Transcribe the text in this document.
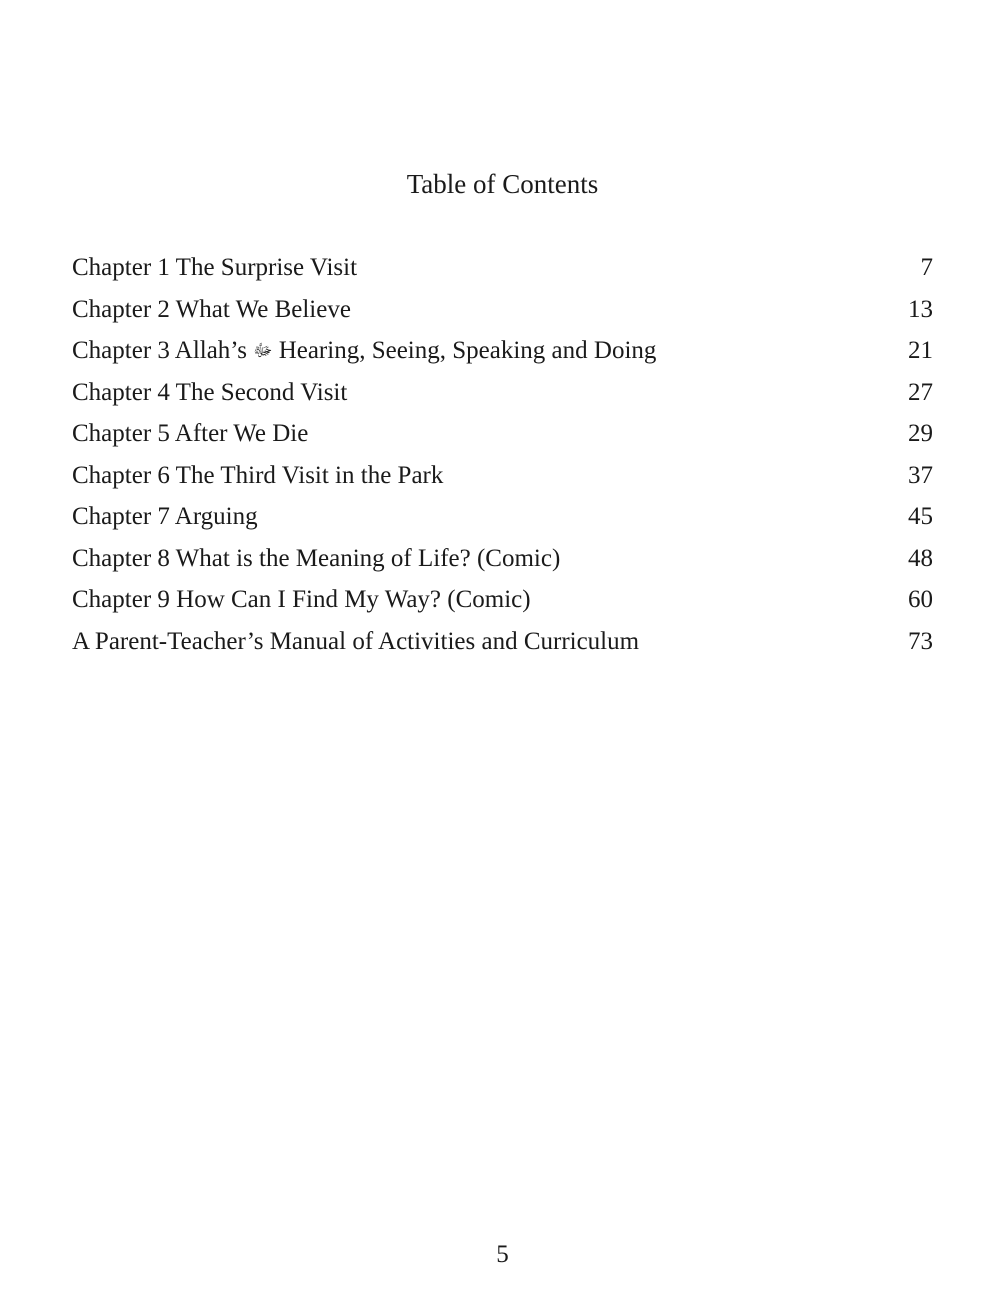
Table of Contents
Chapter 1 The Surprise Visit	7
Chapter 2 What We Believe	13
Chapter 3 Allah’s ﷻ Hearing, Seeing, Speaking and Doing	21
Chapter 4 The Second Visit	27
Chapter 5 After We Die	29
Chapter 6 The Third Visit in the Park	37
Chapter 7 Arguing	45
Chapter 8 What is the Meaning of Life? (Comic)	48
Chapter 9 How Can I Find My Way? (Comic)	60
A Parent-Teacher’s Manual of Activities and Curriculum	73
5
